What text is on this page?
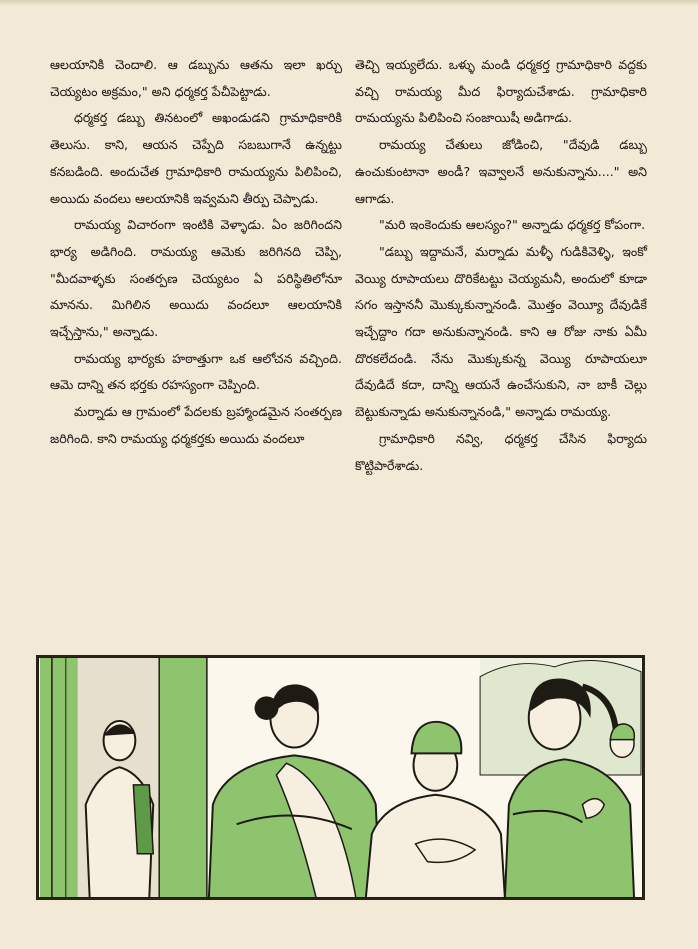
ఆలయానికి చెందాలి. ఆ డబ్బును ఆతను ఇలా ఖర్చు చెయ్యటం అక్రమం," అని ధర్మకర్త పేచీపెట్టాడు.

ధర్మకర్త డబ్బు తినటంలో అఖండుడని గ్రామాధికారికి తెలుసు. కాని, ఆయన చెప్పేది సబబుగానే ఉన్నట్టు కనబడింది. అందుచేత గ్రామాధికారి రామయ్యను పిలిపించి, అయిదు వందలు ఆలయానికి ఇవ్వమని తీర్పు చెప్పాడు.

రామయ్య విచారంగా ఇంటికి వెళ్ళాడు. ఏం జరిగిందని భార్య అడిగింది. రామయ్య ఆమెకు జరిగినది చెప్పి, "మీదవాళ్ళకు సంతర్పణ చెయ్యటం ఏ పరిస్థితిలోనూ మానను. మిగిలిన అయిదు వందలూ ఆలయానికి ఇచ్చేస్తాను," అన్నాడు.

రామయ్య భార్యకు హఠాత్తుగా ఒక ఆలోచన వచ్చింది. ఆమె దాన్ని తన భర్తకు రహస్యంగా చెప్పింది.

మర్నాడు ఆ గ్రామంలో పేదలకు బ్రహ్మాండమైన సంతర్పణ జరిగింది. కాని రామయ్య ధర్మకర్తకు అయిదు వందలూ

తెచ్చి ఇయ్యలేదు. ఒళ్ళు మండి ధర్మకర్త గ్రామాధికారి వద్దకు వచ్చి రామయ్య మీద ఫిర్యాదుచేశాడు. గ్రామాధికారి రామయ్యను పిలిపించి సంజాయిషీ అడిగాడు.

రామయ్య చేతులు జోడించి, "దేవుడి డబ్బు ఉంచుకుంటానా అండీ? ఇవ్వాలనే అనుకున్నాను...." అని ఆగాడు.

"మరి ఇంకెందుకు ఆలస్యం?" అన్నాడు ధర్మకర్త కోపంగా.

"డబ్బు ఇద్దామనే, మర్నాడు మళ్ళీ గుడికివెళ్ళి, ఇంకో వెయ్యి రూపాయలు దొరికేటట్టు చెయ్యమనీ, అందులో కూడా సగం ఇస్తాననీ మొక్కుకున్నానండి. మొత్తం వెయ్యీ దేవుడికే ఇచ్చేద్దాం గదా అనుకున్నానండి. కాని ఆ రోజు నాకు ఏమీ దొరకలేదండి. నేను మొక్కుకున్న వెయ్యి రూపాయలూ దేవుడిదే కదా, దాన్ని ఆయనే ఉంచేసుకుని, నా బాకీ చెల్లు బెట్టుకున్నాడు అనుకున్నానండి," అన్నాడు రామయ్య.

గ్రామాధికారి నవ్వి, ధర్మకర్త చేసిన ఫిర్యాదు కొట్టిపారేశాడు.
